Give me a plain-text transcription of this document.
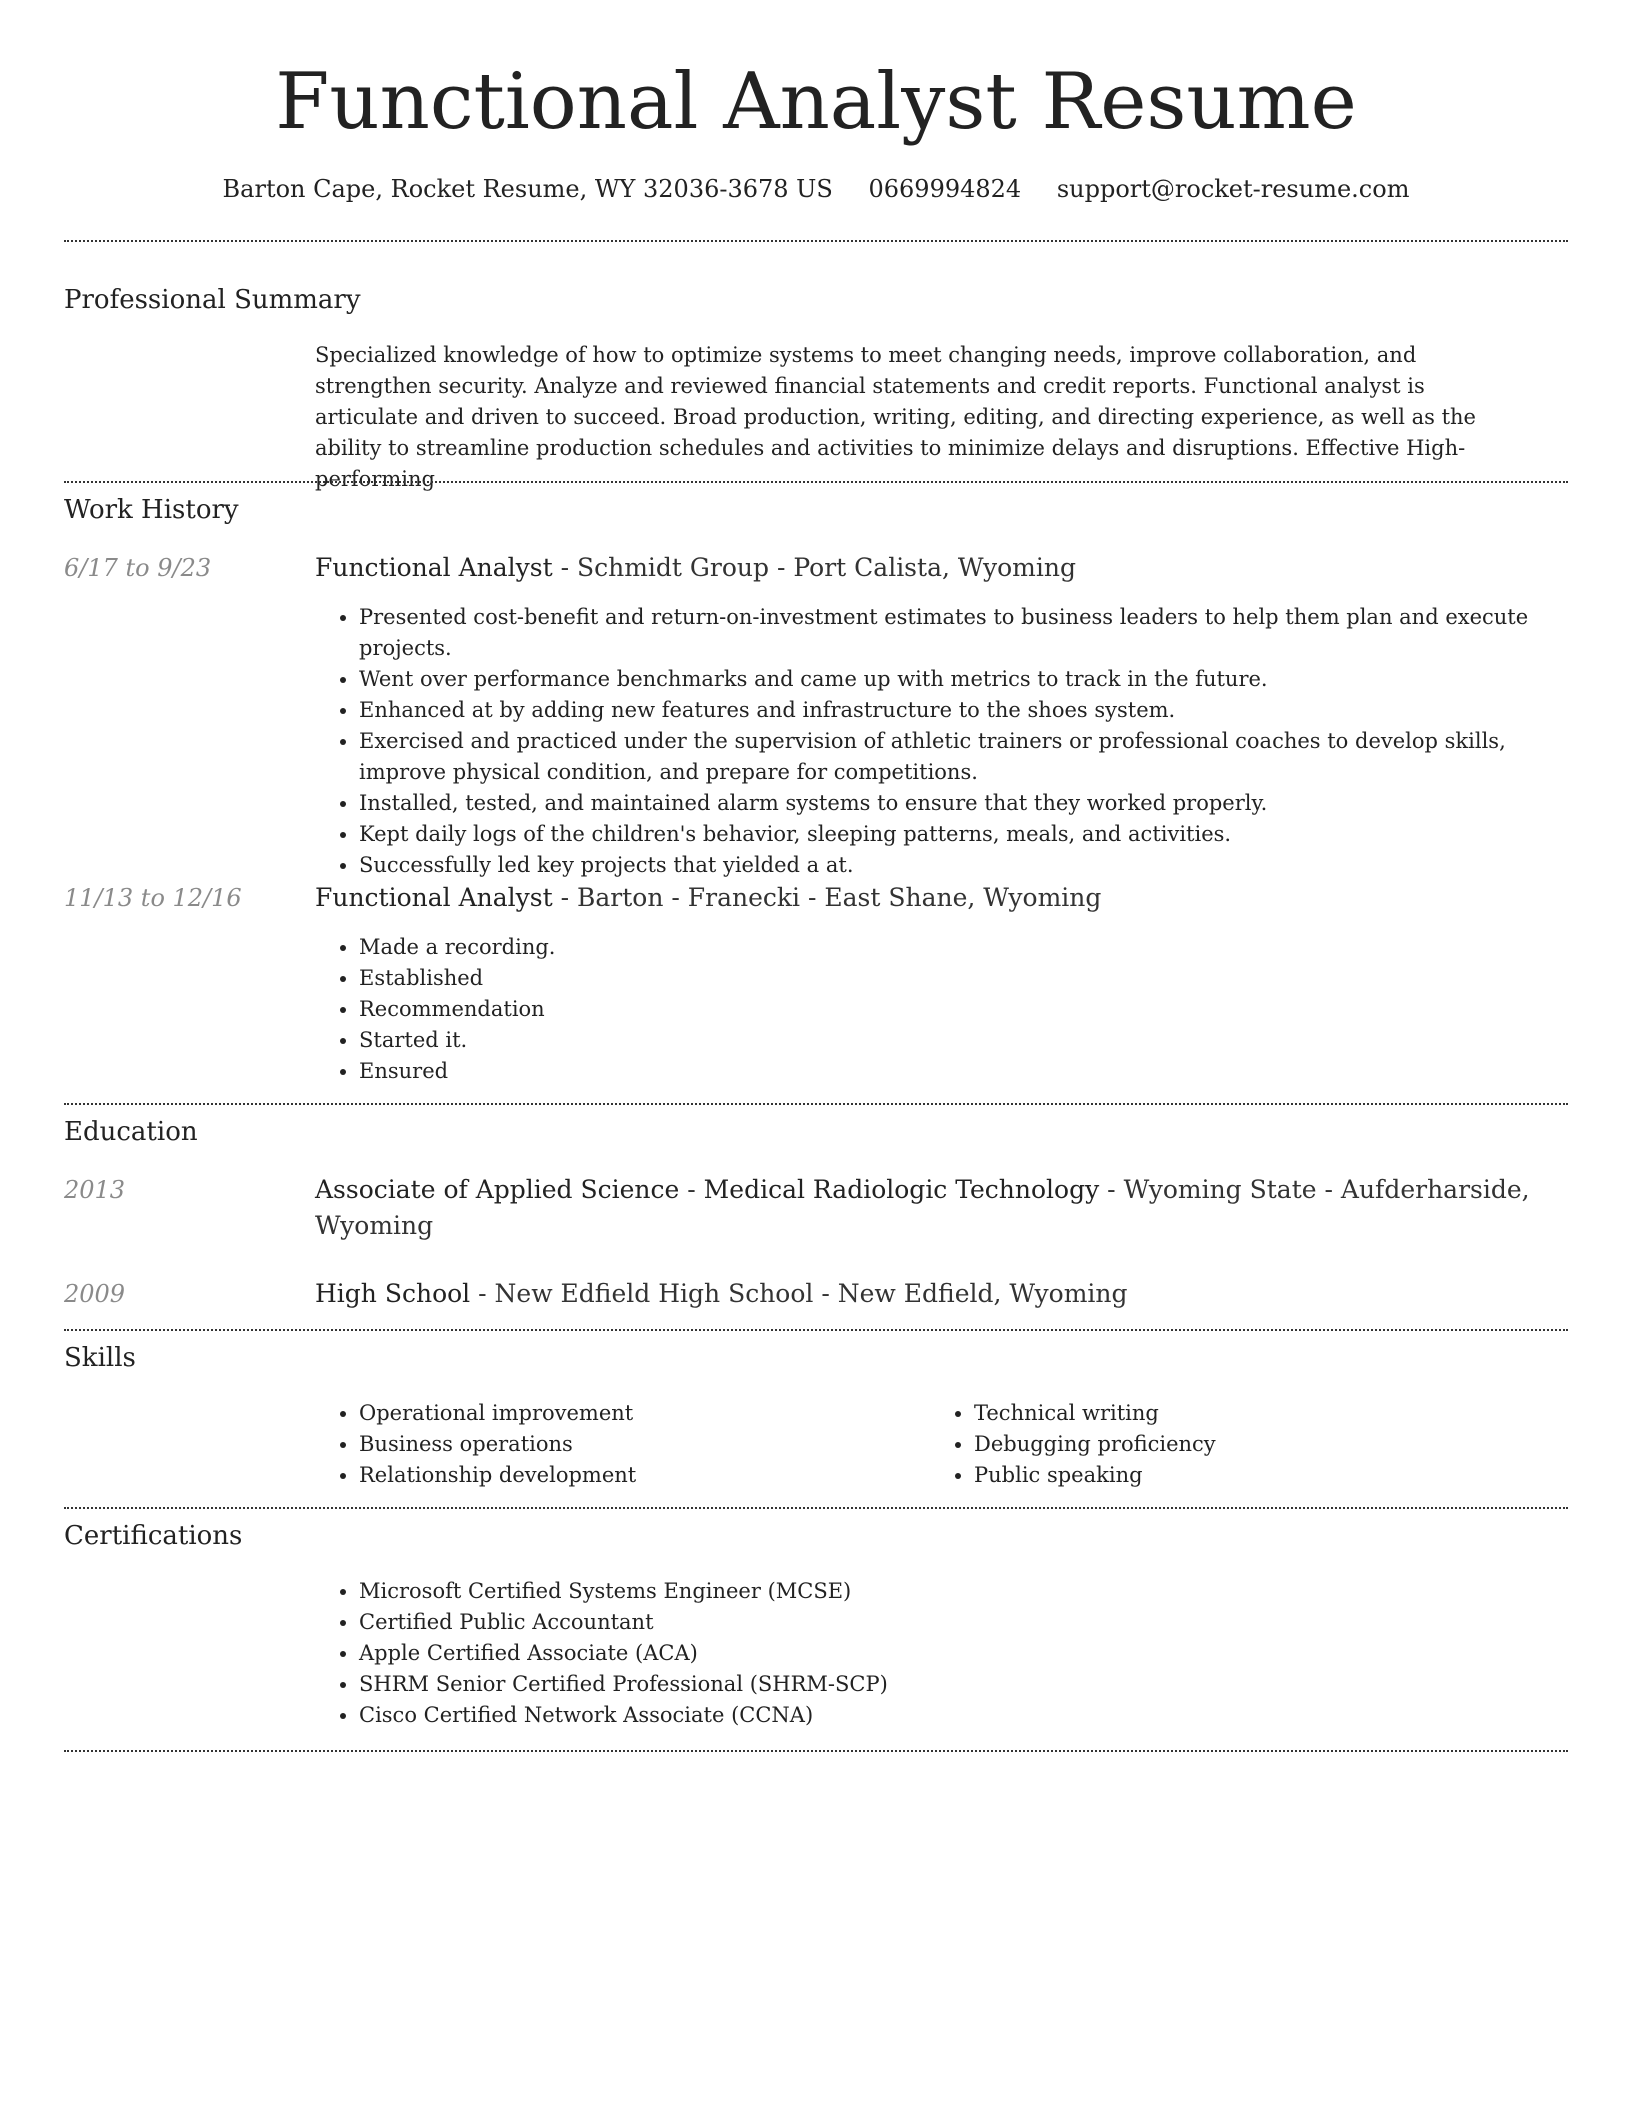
Functional Analyst Resume
Barton Cape, Rocket Resume, WY 32036-3678 US 0669994824 support@rocket-resume.com
Professional Summary
Specialized knowledge of how to optimize systems to meet changing needs, improve collaboration, and strengthen security. Analyze and reviewed financial statements and credit reports. Functional analyst is articulate and driven to succeed. Broad production, writing, editing, and directing experience, as well as the ability to streamline production schedules and activities to minimize delays and disruptions. Effective High-performing
Work History
6/17 to 9/23	Functional Analyst - Schmidt Group - Port Calista, Wyoming
• Presented cost-benefit and return-on-investment estimates to business leaders to help them plan and execute projects.
• Went over performance benchmarks and came up with metrics to track in the future.
• Enhanced at by adding new features and infrastructure to the shoes system.
• Exercised and practiced under the supervision of athletic trainers or professional coaches to develop skills, improve physical condition, and prepare for competitions.
• Installed, tested, and maintained alarm systems to ensure that they worked properly.
• Kept daily logs of the children's behavior, sleeping patterns, meals, and activities.
• Successfully led key projects that yielded a at.
11/13 to 12/16	Functional Analyst - Barton - Franecki - East Shane, Wyoming
• Made a recording.
• Established
• Recommendation
• Started it.
• Ensured
Education
2013	Associate of Applied Science - Medical Radiologic Technology - Wyoming State - Aufderharside,
Wyoming
2009	High School - New Edfield High School - New Edfield, Wyoming
Skills
• Operational improvement
• Business operations
• Relationship development
• Technical writing
• Debugging proficiency
• Public speaking
Certifications
• Microsoft Certified Systems Engineer (MCSE)
• Certified Public Accountant
• Apple Certified Associate (ACA)
• SHRM Senior Certified Professional (SHRM-SCP)
• Cisco Certified Network Associate (CCNA)
